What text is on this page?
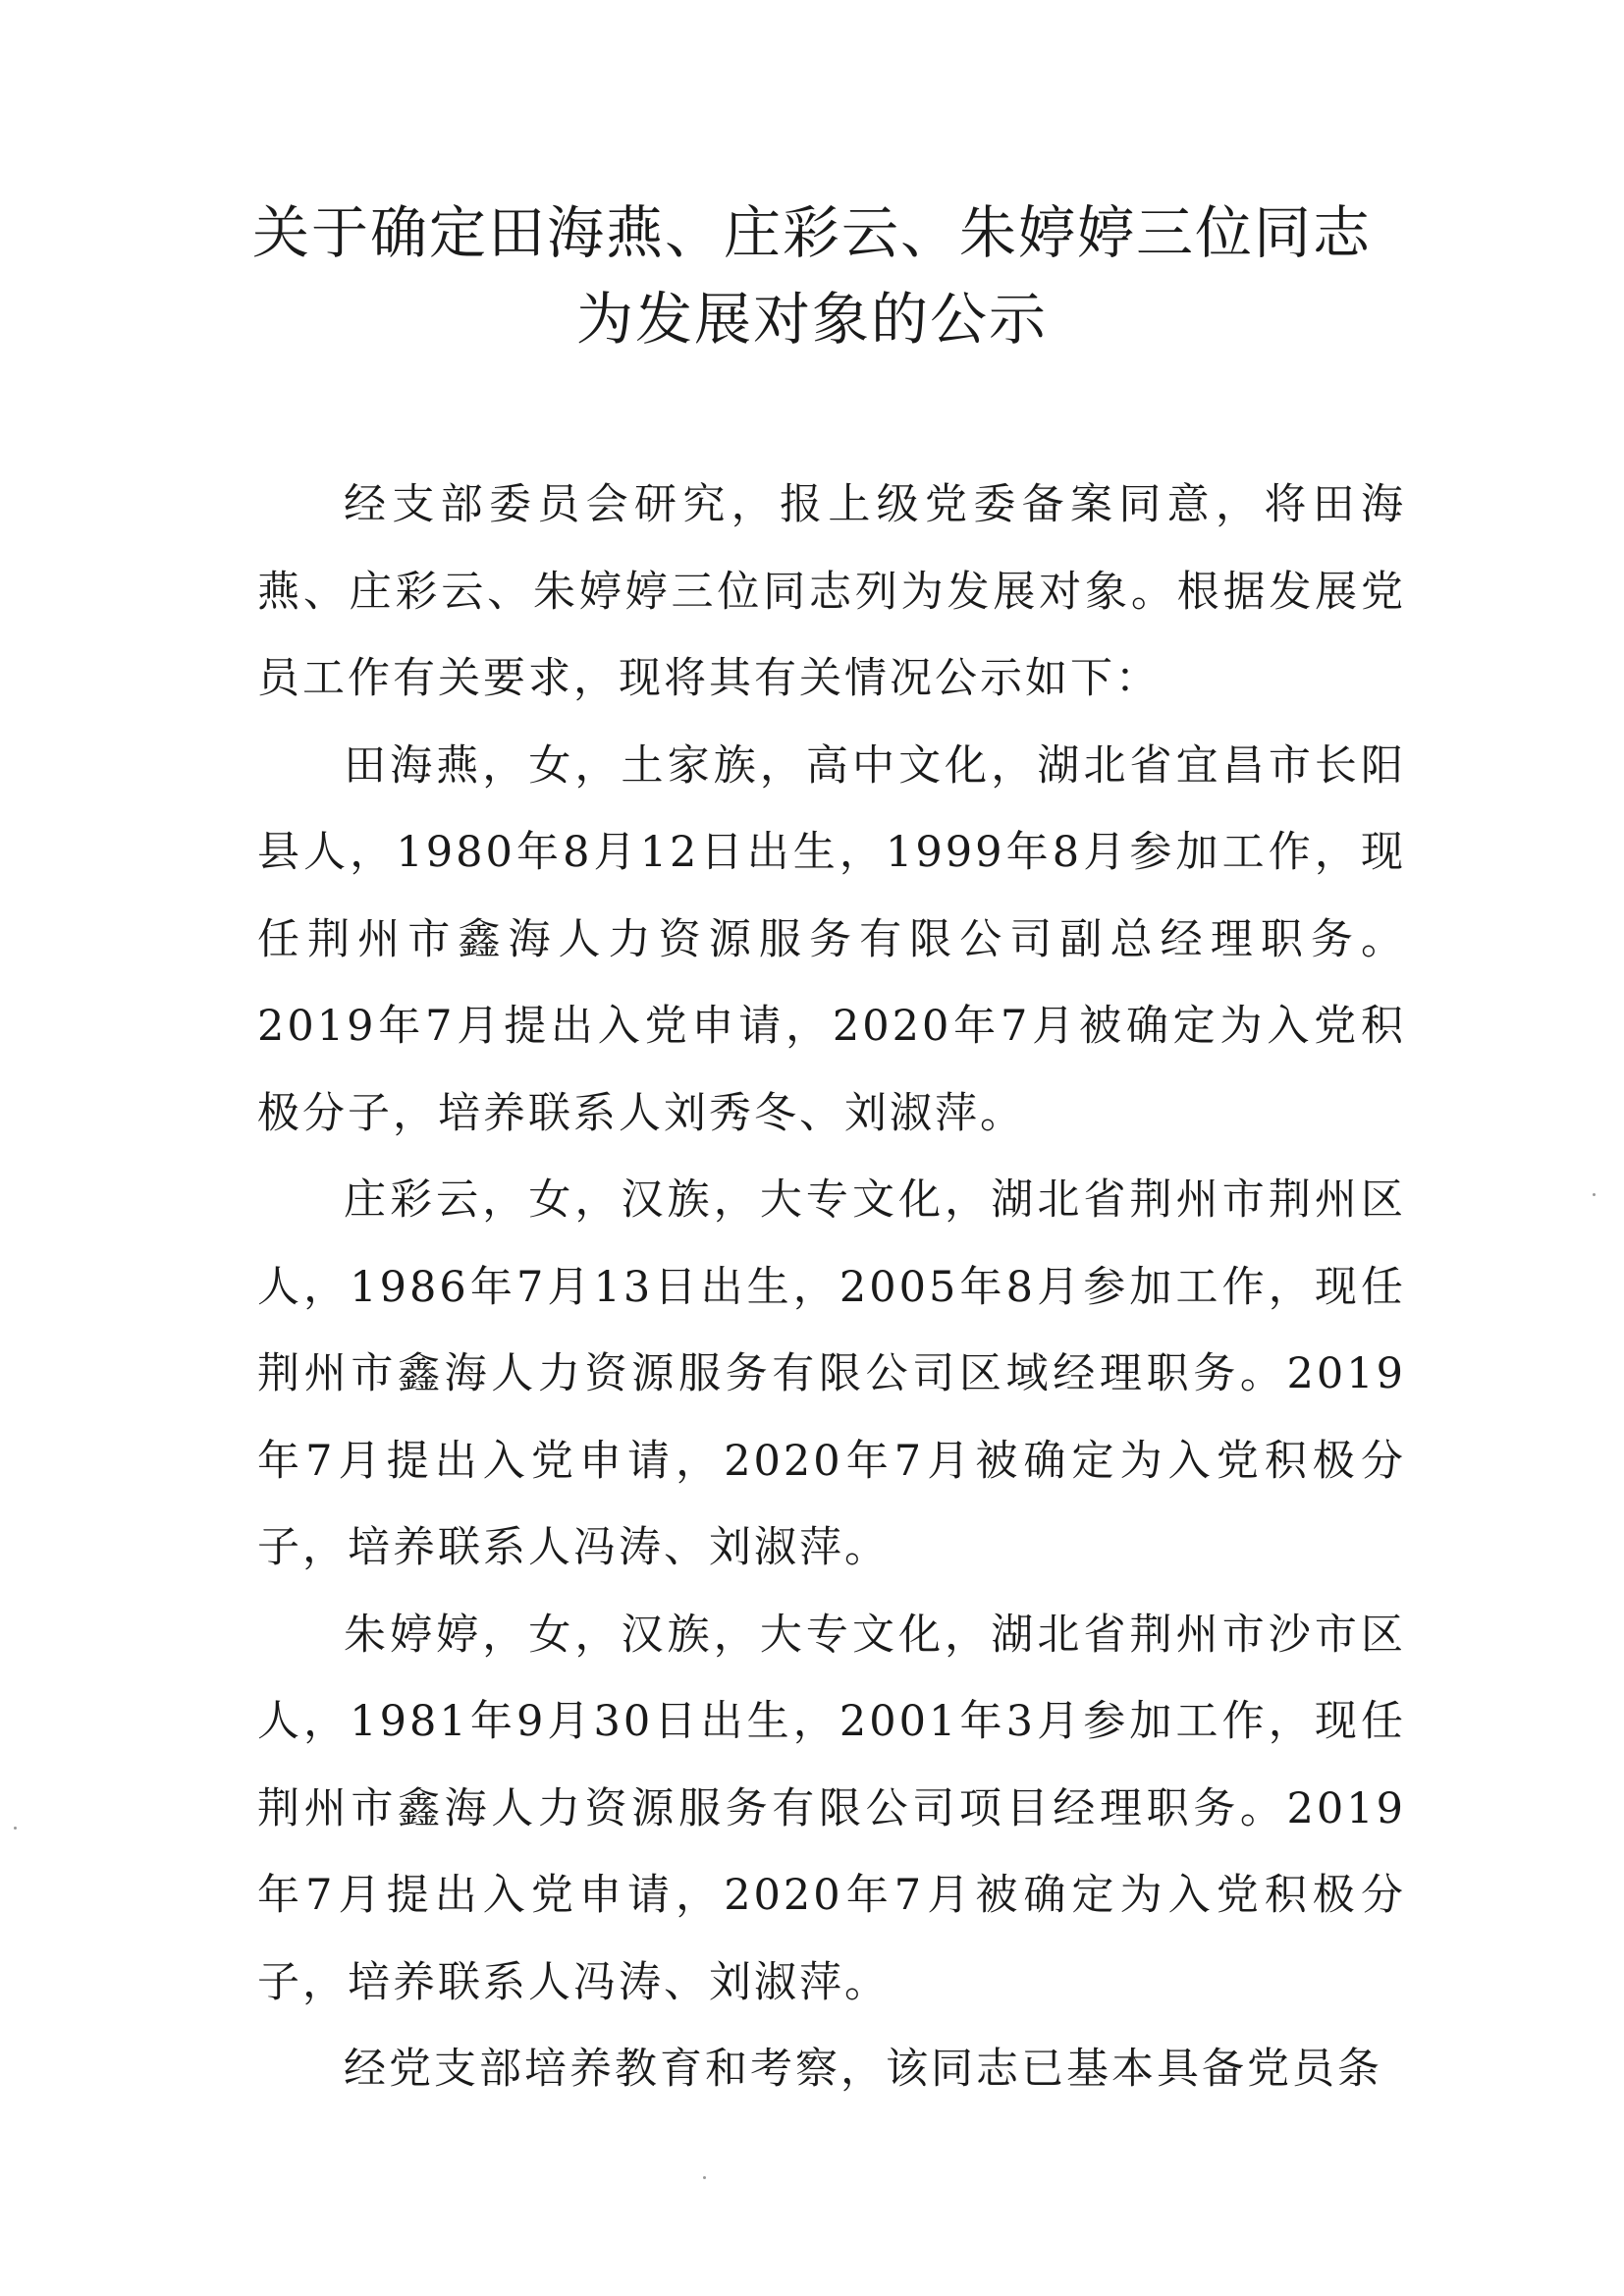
关于确定田海燕、庄彩云、朱婷婷三位同志
为发展对象的公示

经支部委员会研究，报上级党委备案同意，将田海燕、庄彩云、朱婷婷三位同志列为发展对象。根据发展党员工作有关要求，现将其有关情况公示如下：

田海燕，女，土家族，高中文化，湖北省宜昌市长阳县人，1980年8月12日出生，1999年8月参加工作，现任荆州市鑫海人力资源服务有限公司副总经理职务。2019年7月提出入党申请，2020年7月被确定为入党积极分子，培养联系人刘秀冬、刘淑萍。

庄彩云，女，汉族，大专文化，湖北省荆州市荆州区人，1986年7月13日出生，2005年8月参加工作，现任荆州市鑫海人力资源服务有限公司区域经理职务。2019年7月提出入党申请，2020年7月被确定为入党积极分子，培养联系人冯涛、刘淑萍。

朱婷婷，女，汉族，大专文化，湖北省荆州市沙市区人，1981年9月30日出生，2001年3月参加工作，现任荆州市鑫海人力资源服务有限公司项目经理职务。2019年7月提出入党申请，2020年7月被确定为入党积极分子，培养联系人冯涛、刘淑萍。

经党支部培养教育和考察，该同志已基本具备党员条
